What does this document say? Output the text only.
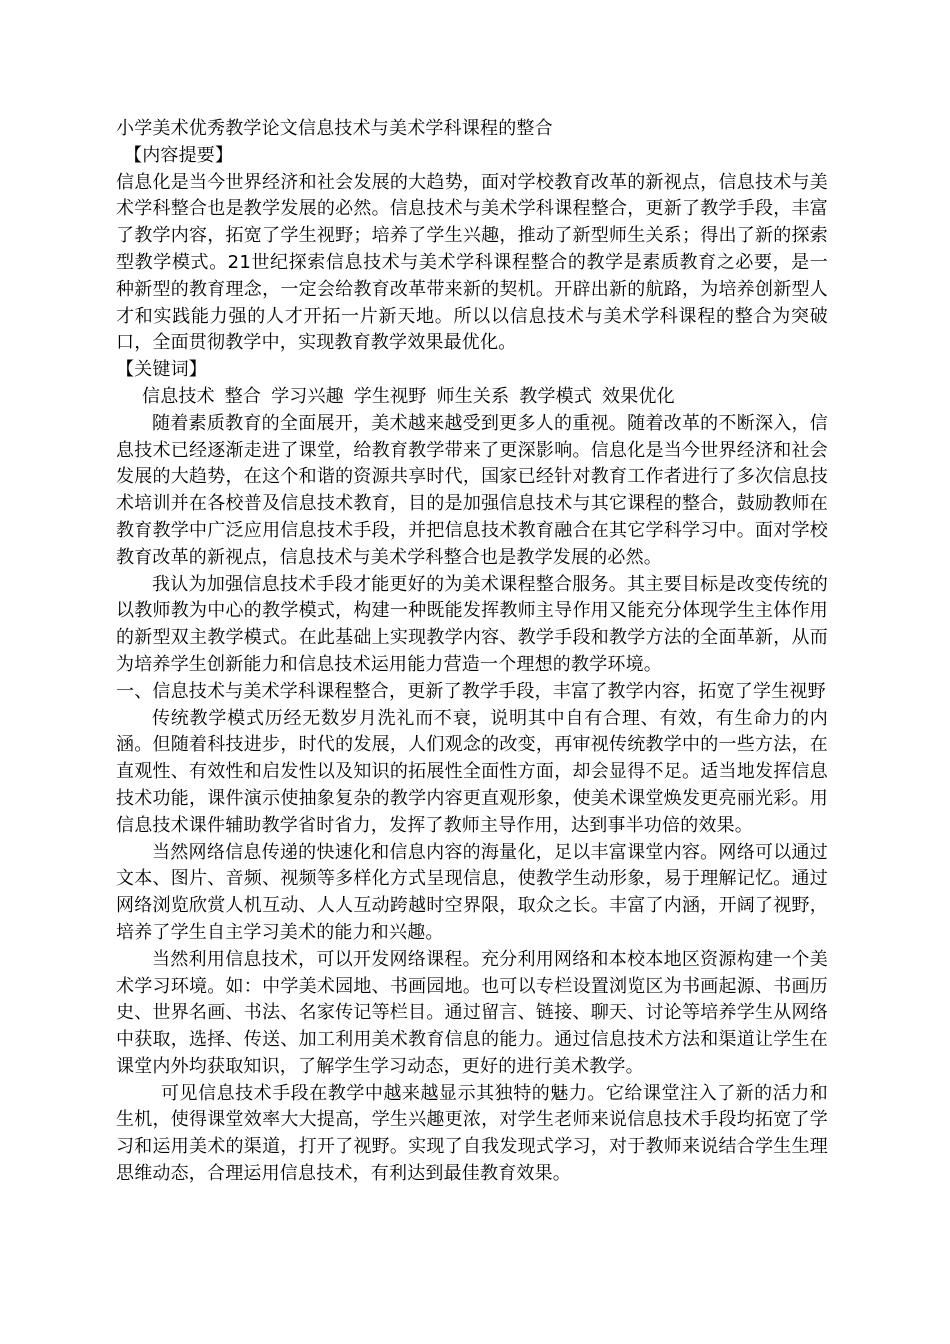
小学美术优秀教学论文信息技术与美术学科课程的整合

【内容提要】

信息化是当今世界经济和社会发展的大趋势，面对学校教育改革的新视点，信息技术与美术学科整合也是教学发展的必然。信息技术与美术学科课程整合，更新了教学手段，丰富了教学内容，拓宽了学生视野；培养了学生兴趣，推动了新型师生关系；得出了新的探索型教学模式。21世纪探索信息技术与美术学科课程整合的教学是素质教育之必要，是一种新型的教育理念，一定会给教育改革带来新的契机。开辟出新的航路，为培养创新型人才和实践能力强的人才开拓一片新天地。所以以信息技术与美术学科课程的整合为突破口，全面贯彻教学中，实现教育教学效果最优化。

【关键词】

信息技术 整合 学习兴趣 学生视野 师生关系 教学模式 效果优化

随着素质教育的全面展开，美术越来越受到更多人的重视。随着改革的不断深入，信息技术已经逐渐走进了课堂，给教育教学带来了更深影响。信息化是当今世界经济和社会发展的大趋势，在这个和谐的资源共享时代，国家已经针对教育工作者进行了多次信息技术培训并在各校普及信息技术教育，目的是加强信息技术与其它课程的整合，鼓励教师在教育教学中广泛应用信息技术手段，并把信息技术教育融合在其它学科学习中。面对学校教育改革的新视点，信息技术与美术学科整合也是教学发展的必然。

我认为加强信息技术手段才能更好的为美术课程整合服务。其主要目标是改变传统的以教师教为中心的教学模式，构建一种既能发挥教师主导作用又能充分体现学生主体作用的新型双主教学模式。在此基础上实现教学内容、教学手段和教学方法的全面革新，从而为培养学生创新能力和信息技术运用能力营造一个理想的教学环境。

一、信息技术与美术学科课程整合，更新了教学手段，丰富了教学内容，拓宽了学生视野

传统教学模式历经无数岁月洗礼而不衰，说明其中自有合理、有效，有生命力的内涵。但随着科技进步，时代的发展，人们观念的改变，再审视传统教学中的一些方法，在直观性、有效性和启发性以及知识的拓展性全面性方面，却会显得不足。适当地发挥信息技术功能，课件演示使抽象复杂的教学内容更直观形象，使美术课堂焕发更亮丽光彩。用信息技术课件辅助教学省时省力，发挥了教师主导作用，达到事半功倍的效果。

当然网络信息传递的快速化和信息内容的海量化，足以丰富课堂内容。网络可以通过文本、图片、音频、视频等多样化方式呈现信息，使教学生动形象，易于理解记忆。通过网络浏览欣赏人机互动、人人互动跨越时空界限，取众之长。丰富了内涵，开阔了视野，培养了学生自主学习美术的能力和兴趣。

当然利用信息技术，可以开发网络课程。充分利用网络和本校本地区资源构建一个美术学习环境。如：中学美术园地、书画园地。也可以专栏设置浏览区为书画起源、书画历史、世界名画、书法、名家传记等栏目。通过留言、链接、聊天、讨论等培养学生从网络中获取，选择、传送、加工利用美术教育信息的能力。通过信息技术方法和渠道让学生在课堂内外均获取知识，了解学生学习动态，更好的进行美术教学。

可见信息技术手段在教学中越来越显示其独特的魅力。它给课堂注入了新的活力和生机，使得课堂效率大大提高，学生兴趣更浓，对学生老师来说信息技术手段均拓宽了学习和运用美术的渠道，打开了视野。实现了自我发现式学习，对于教师来说结合学生生理思维动态，合理运用信息技术，有利达到最佳教育效果。
